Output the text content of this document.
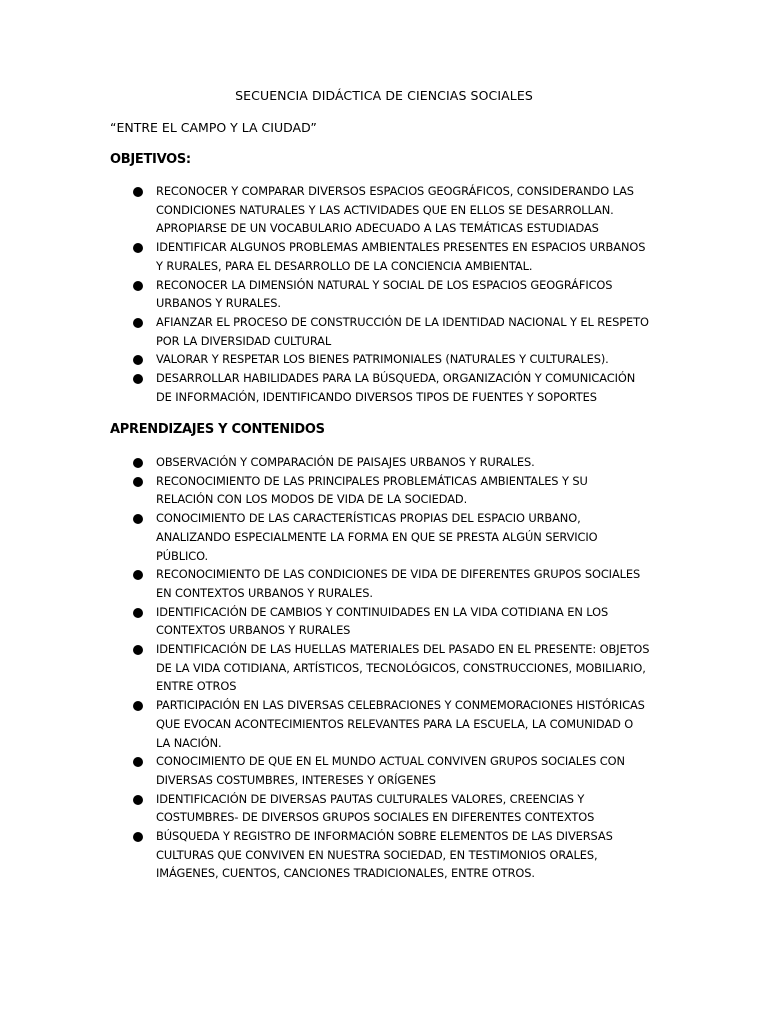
SECUENCIA DIDÁCTICA DE CIENCIAS SOCIALES
“ENTRE EL CAMPO Y LA CIUDAD”
OBJETIVOS:
RECONOCER Y COMPARAR DIVERSOS ESPACIOS GEOGRÁFICOS, CONSIDERANDO LAS
CONDICIONES NATURALES Y LAS ACTIVIDADES QUE EN ELLOS SE DESARROLLAN.
APROPIARSE DE UN VOCABULARIO ADECUADO A LAS TEMÁTICAS ESTUDIADAS
IDENTIFICAR ALGUNOS PROBLEMAS AMBIENTALES PRESENTES EN ESPACIOS URBANOS
Y RURALES, PARA EL DESARROLLO DE LA CONCIENCIA AMBIENTAL.
RECONOCER LA DIMENSIÓN NATURAL Y SOCIAL DE LOS ESPACIOS GEOGRÁFICOS
URBANOS Y RURALES.
AFIANZAR EL PROCESO DE CONSTRUCCIÓN DE LA IDENTIDAD NACIONAL Y EL RESPETO
POR LA DIVERSIDAD CULTURAL
VALORAR Y RESPETAR LOS BIENES PATRIMONIALES (NATURALES Y CULTURALES).
DESARROLLAR HABILIDADES PARA LA BÚSQUEDA, ORGANIZACIÓN Y COMUNICACIÓN
DE INFORMACIÓN, IDENTIFICANDO DIVERSOS TIPOS DE FUENTES Y SOPORTES
APRENDIZAJES Y CONTENIDOS
OBSERVACIÓN Y COMPARACIÓN DE PAISAJES URBANOS Y RURALES.
RECONOCIMIENTO DE LAS PRINCIPALES PROBLEMÁTICAS AMBIENTALES Y SU
RELACIÓN CON LOS MODOS DE VIDA DE LA SOCIEDAD.
CONOCIMIENTO DE LAS CARACTERÍSTICAS PROPIAS DEL ESPACIO URBANO,
ANALIZANDO ESPECIALMENTE LA FORMA EN QUE SE PRESTA ALGÚN SERVICIO
PÚBLICO.
RECONOCIMIENTO DE LAS CONDICIONES DE VIDA DE DIFERENTES GRUPOS SOCIALES
EN CONTEXTOS URBANOS Y RURALES.
IDENTIFICACIÓN DE CAMBIOS Y CONTINUIDADES EN LA VIDA COTIDIANA EN LOS
CONTEXTOS URBANOS Y RURALES
IDENTIFICACIÓN DE LAS HUELLAS MATERIALES DEL PASADO EN EL PRESENTE: OBJETOS
DE LA VIDA COTIDIANA, ARTÍSTICOS, TECNOLÓGICOS, CONSTRUCCIONES, MOBILIARIO,
ENTRE OTROS
PARTICIPACIÓN EN LAS DIVERSAS CELEBRACIONES Y CONMEMORACIONES HISTÓRICAS
QUE EVOCAN ACONTECIMIENTOS RELEVANTES PARA LA ESCUELA, LA COMUNIDAD O
LA NACIÓN.
CONOCIMIENTO DE QUE EN EL MUNDO ACTUAL CONVIVEN GRUPOS SOCIALES CON
DIVERSAS COSTUMBRES, INTERESES Y ORÍGENES
IDENTIFICACIÓN DE DIVERSAS PAUTAS CULTURALES VALORES, CREENCIAS Y
COSTUMBRES- DE DIVERSOS GRUPOS SOCIALES EN DIFERENTES CONTEXTOS
BÚSQUEDA Y REGISTRO DE INFORMACIÓN SOBRE ELEMENTOS DE LAS DIVERSAS
CULTURAS QUE CONVIVEN EN NUESTRA SOCIEDAD, EN TESTIMONIOS ORALES,
IMÁGENES, CUENTOS, CANCIONES TRADICIONALES, ENTRE OTROS.
